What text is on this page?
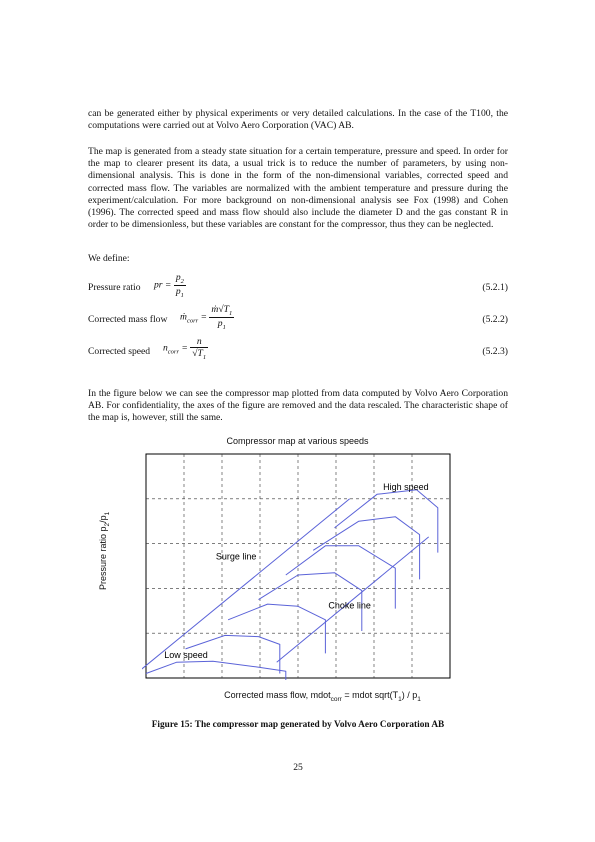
can be generated either by physical experiments or very detailed calculations. In the case of the T100, the computations were carried out at Volvo Aero Corporation (VAC) AB.

The map is generated from a steady state situation for a certain temperature, pressure and speed. In order for the map to clearer present its data, a usual trick is to reduce the number of parameters, by using non-dimensional analysis. This is done in the form of the non-dimensional variables, corrected speed and corrected mass flow. The variables are normalized with the ambient temperature and pressure during the experiment/calculation. For more background on non-dimensional analysis see Fox (1998) and Cohen (1996). The corrected speed and mass flow should also include the diameter D and the gas constant R in order to be dimensionless, but these variables are constant for the compressor, thus they can be neglected.

We define:

Pressure ratio pr = $\frac{p_2}{p_1}$	(5.2.1)
Corrected mass flow ṁ$_{corr}$ = $\frac{ṁ√T_1}{p_1}$	(5.2.2)
Corrected speed $n_{corr} = \frac{n}{√T_1}$	(5.2.3)

In the figure below we can see the compressor map plotted from data computed by Volvo Aero Corporation AB. For confidentiality, the axes of the figure are removed and the data rescaled. The characteristic shape of the map is, however, still the same.

Compressor map at various speeds
Pressure ratio $p_2/p_1$
High speed
Surge line
Choke line
Low speed
Corrected mass flow, mdot$_{corr}$ = mdot $sqrt(T_1) / p_1$
Figure 15: The compressor map generated by Volvo Aero Corporation AB
25
